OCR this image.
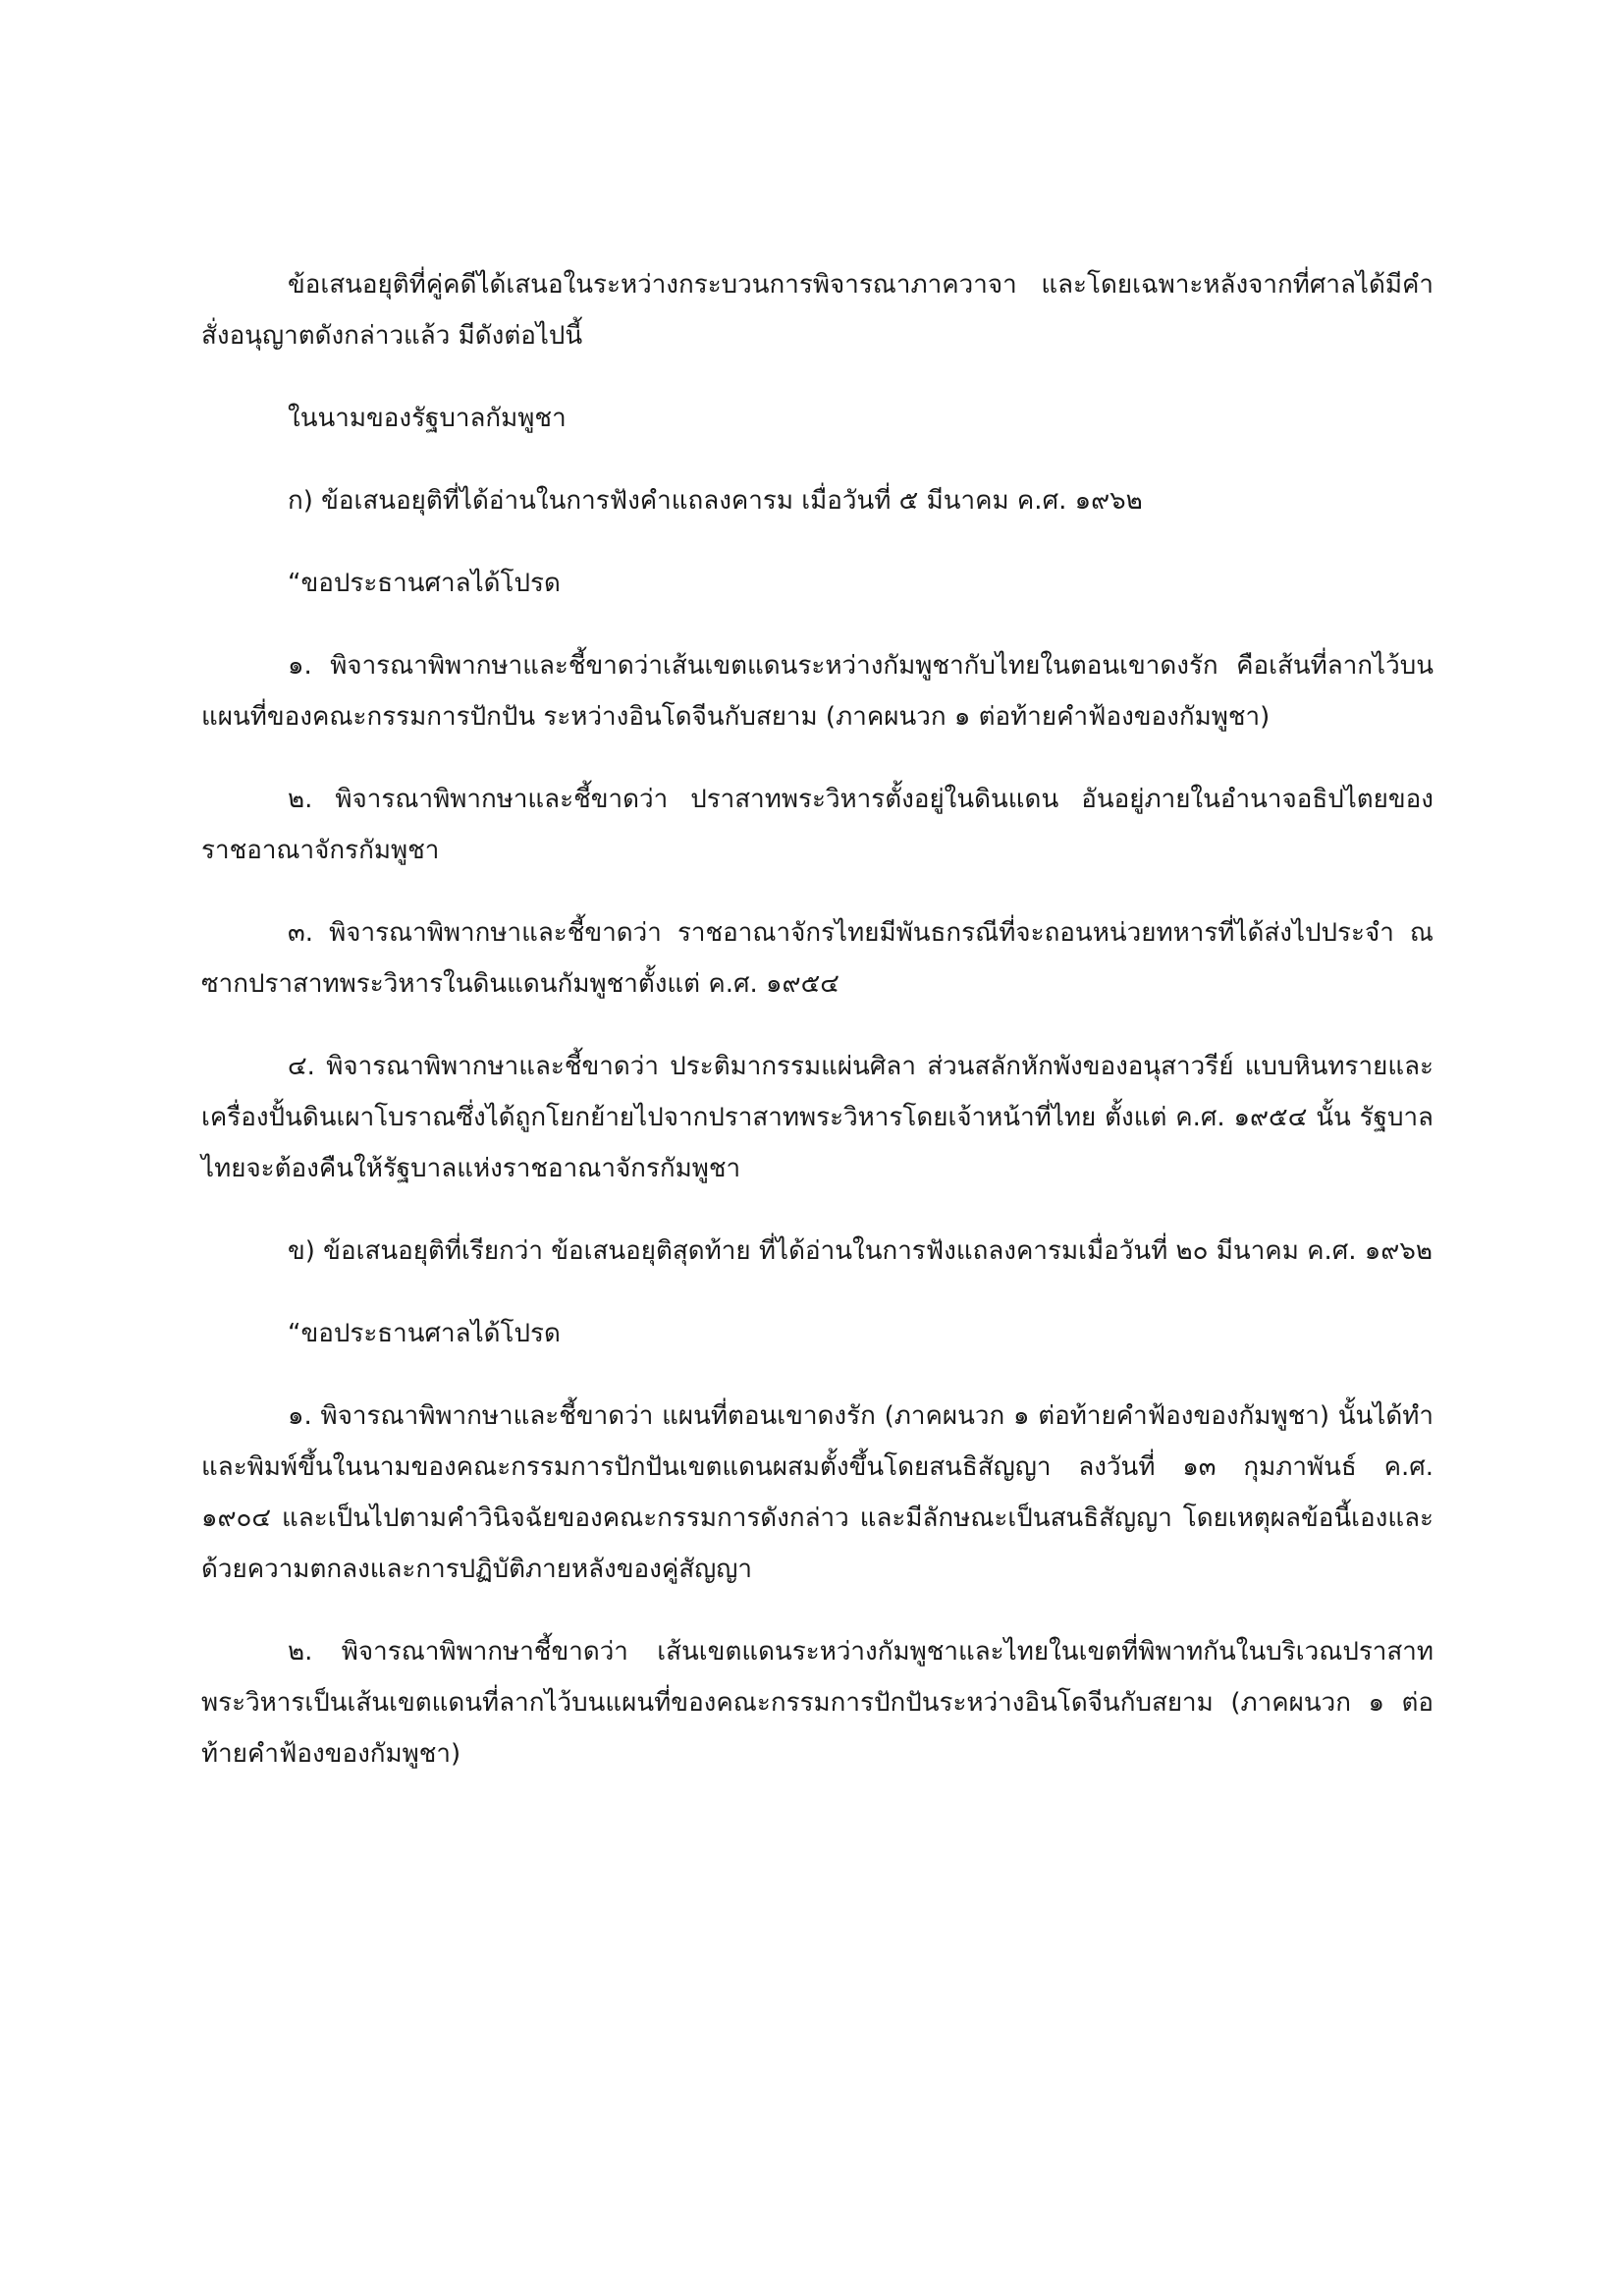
ข้อเสนอยุติที่คู่คดีได้เสนอในระหว่างกระบวนการพิจารณาภาควาจา และโดยเฉพาะหลังจากที่ศาลได้มีคำสั่งอนุญาตดังกล่าวแล้ว มีดังต่อไปนี้

ในนามของรัฐบาลกัมพูชา

ก) ข้อเสนอยุติที่ได้อ่านในการฟังคำแถลงคารม เมื่อวันที่ ๕ มีนาคม ค.ศ. ๑๙๖๒

“ขอประธานศาลได้โปรด

๑. พิจารณาพิพากษาและชี้ขาดว่าเส้นเขตแดนระหว่างกัมพูชากับไทยในตอนเขาดงรัก คือเส้นที่ลากไว้บนแผนที่ของคณะกรรมการปักปัน ระหว่างอินโดจีนกับสยาม (ภาคผนวก ๑ ต่อท้ายคำฟ้องของกัมพูชา)

๒. พิจารณาพิพากษาและชี้ขาดว่า ปราสาทพระวิหารตั้งอยู่ในดินแดน อันอยู่ภายในอำนาจอธิปไตยของราชอาณาจักรกัมพูชา

๓. พิจารณาพิพากษาและชี้ขาดว่า ราชอาณาจักรไทยมีพันธกรณีที่จะถอนหน่วยทหารที่ได้ส่งไปประจำ ณ ซากปราสาทพระวิหารในดินแดนกัมพูชาตั้งแต่ ค.ศ. ๑๙๕๔

๔. พิจารณาพิพากษาและชี้ขาดว่า ประติมากรรมแผ่นศิลา ส่วนสลักหักพังของอนุสาวรีย์ แบบหินทรายและเครื่องปั้นดินเผาโบราณซึ่งได้ถูกโยกย้ายไปจากปราสาทพระวิหารโดยเจ้าหน้าที่ไทย ตั้งแต่ ค.ศ. ๑๙๕๔ นั้น รัฐบาลไทยจะต้องคืนให้รัฐบาลแห่งราชอาณาจักรกัมพูชา

ข) ข้อเสนอยุติที่เรียกว่า ข้อเสนอยุติสุดท้าย ที่ได้อ่านในการฟังแถลงคารมเมื่อวันที่ ๒๐ มีนาคม ค.ศ. ๑๙๖๒

“ขอประธานศาลได้โปรด

๑. พิจารณาพิพากษาและชี้ขาดว่า แผนที่ตอนเขาดงรัก (ภาคผนวก ๑ ต่อท้ายคำฟ้องของกัมพูชา) นั้นได้ทำและพิมพ์ขึ้นในนามของคณะกรรมการปักปันเขตแดนผสมตั้งขึ้นโดยสนธิสัญญา ลงวันที่ ๑๓ กุมภาพันธ์ ค.ศ. ๑๙๐๔ และเป็นไปตามคำวินิจฉัยของคณะกรรมการดังกล่าว และมีลักษณะเป็นสนธิสัญญา โดยเหตุผลข้อนี้เองและด้วยความตกลงและการปฏิบัติภายหลังของคู่สัญญา

๒. พิจารณาพิพากษาชี้ขาดว่า เส้นเขตแดนระหว่างกัมพูชาและไทยในเขตที่พิพาทกันในบริเวณปราสาทพระวิหารเป็นเส้นเขตแดนที่ลากไว้บนแผนที่ของคณะกรรมการปักปันระหว่างอินโดจีนกับสยาม (ภาคผนวก ๑ ต่อท้ายคำฟ้องของกัมพูชา)
